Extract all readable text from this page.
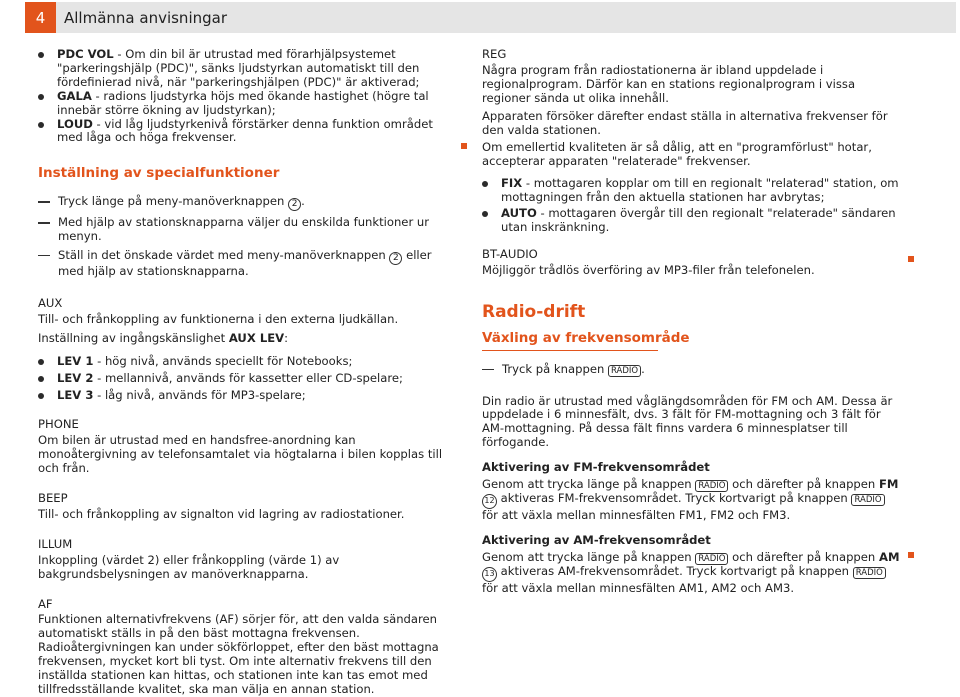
4	Allmänna anvisningar

PDC VOL - Om din bil är utrustad med förarhjälpsystemet "parkeringshjälp (PDC)", sänks ljudstyrkan automatiskt till den fördefinierad nivå, när "parkeringshjälpen (PDC)" är aktiverad;

GALA - radions ljudstyrka höjs med ökande hastighet (högre tal innebär större ökning av ljudstyrkan);

LOUD - vid låg ljudstyrkenivå förstärker denna funktion området med låga och höga frekvenser.

Inställning av specialfunktioner

Tryck länge på meny-manöverknappen 2 .

Med hjälp av stationsknapparna väljer du enskilda funktioner ur menyn.

Ställ in det önskade värdet med meny-manöverknappen 2 eller med hjälp av stationsknapparna.

AUX

Till- och frånkoppling av funktionerna i den externa ljudkällan.

Inställning av ingångskänslighet AUX LEV:

LEV 1 - hög nivå, används speciellt för Notebooks;

LEV 2 - mellannivå, används för kassetter eller CD-spelare;

LEV 3 - låg nivå, används för MP3-spelare;

PHONE

Om bilen är utrustad med en handsfree-anordning kan monoåtergivning av telefonsamtalet via högtalarna i bilen kopplas till och från.

BEEP

Till- och frånkoppling av signalton vid lagring av radiostationer.

ILLUM

Inkoppling (värdet 2) eller frånkoppling (värde 1) av bakgrundsbelysningen av manöverknapparna.

AF

Funktionen alternativfrekvens (AF) sörjer för, att den valda sändaren automatiskt ställs in på den bäst mottagna frekvensen. Radioåtergivningen kan under sökförloppet, efter den bäst mottagna frekvensen, mycket kort bli tyst. Om inte alternativ frekvens till den inställda stationen kan hittas, och stationen inte kan tas emot med tillfredsställande kvalitet, ska man välja en annan station.

REG

Några program från radiostationerna är ibland uppdelade i regionalprogram. Därför kan en stations regionalprogram i vissa regioner sända ut olika innehåll.

Apparaten försöker därefter endast ställa in alternativa frekvenser för den valda stationen.

Om emellertid kvaliteten är så dålig, att en "programförlust" hotar, accepterar apparaten "relaterade" frekvenser.

FIX - mottagaren kopplar om till en regionalt "relaterad" station, om mottagningen från den aktuella stationen har avbrytas;

AUTO - mottagaren övergår till den regionalt "relaterade" sändaren utan inskränkning.

BT-AUDIO

Möjliggör trådlös överföring av MP3-filer från telefonelen.

Radio-drift

Växling av frekvensområde

Tryck på knappen RADIO .

Din radio är utrustad med våglängdsområden för FM och AM. Dessa är uppdelade i 6 minnesfält, dvs. 3 fält för FM-mottagning och 3 fält för AM-mottagning. På dessa fält finns vardera 6 minnesplatser till förfogande.

Aktivering av FM-frekvensområdet

Genom att trycka länge på knappen RADIO och därefter på knappen FM 12 aktiveras FM-frekvensområdet. Tryck kortvarigt på knappen RADIO för att växla mellan minnesfälten FM1, FM2 och FM3.

Aktivering av AM-frekvensområdet

Genom att trycka länge på knappen RADIO och därefter på knappen AM 13 aktiveras AM-frekvensområdet. Tryck kortvarigt på knappen RADIO för att växla mellan minnesfälten AM1, AM2 och AM3.
